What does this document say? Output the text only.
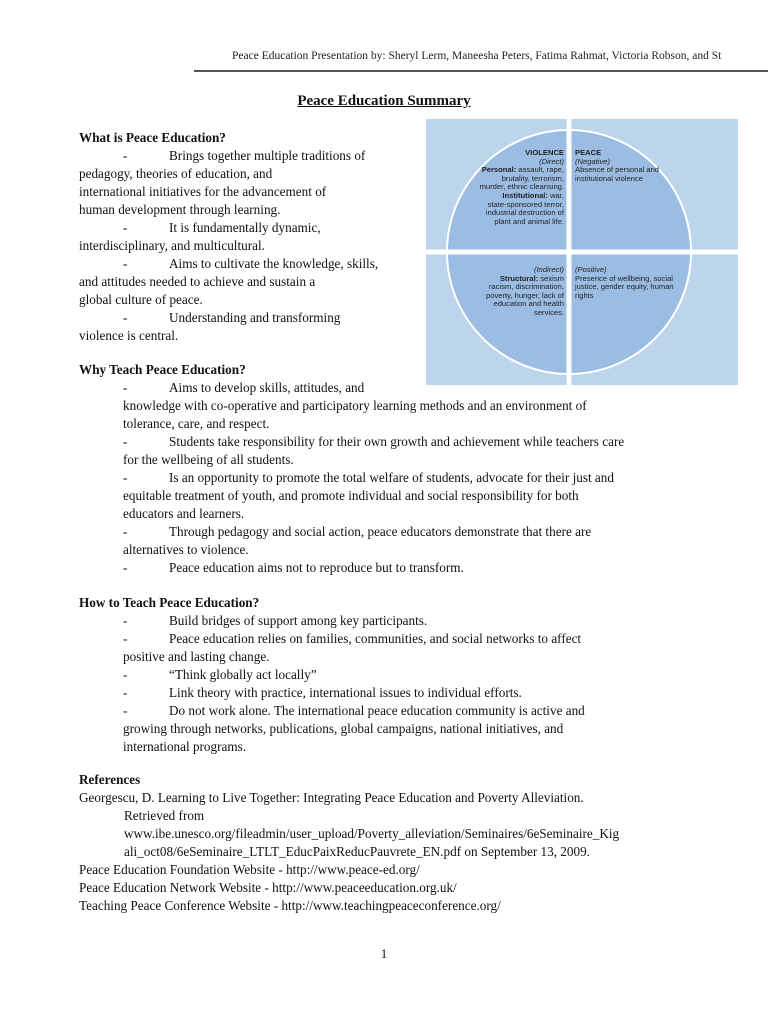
Peace Education Presentation by: Sheryl Lerm, Maneesha Peters, Fatima Rahmat, Victoria Robson, and St
Peace Education Summary

What is Peace Education?

-	Brings together multiple traditions of

pedagogy, theories of education, and

international initiatives for the advancement of

human development through learning.

-	It is fundamentally dynamic,

interdisciplinary, and multicultural.

-	Aims to cultivate the knowledge, skills,

and attitudes needed to achieve and sustain a

global culture of peace.

-	Understanding and transforming

violence is central.

VIOLENCE
(Direct)
Personal: assault, rape,
brutality, terrorism,
murder, ethnic cleansing.
Institutional: war,
state-sponsored terror,
industrial destruction of
plant and animal life.
PEACE
(Negative)
Absence of personal and
institutional violence
(Indirect)
Structural: sexism
racism, discrimination,
poverty, hunger, lack of
education and health
services.
(Positive)
Presence of wellbeing, social
justice, gender equity, human
rights

Why Teach Peace Education?

-	Aims to develop skills, attitudes, and

knowledge with co-operative and participatory learning methods and an environment of

tolerance, care, and respect.

-	Students take responsibility for their own growth and achievement while teachers care

for the wellbeing of all students.

-	Is an opportunity to promote the total welfare of students, advocate for their just and

equitable treatment of youth, and promote individual and social responsibility for both

educators and learners.

-	Through pedagogy and social action, peace educators demonstrate that there are

alternatives to violence.

-	Peace education aims not to reproduce but to transform.

How to Teach Peace Education?

-	Build bridges of support among key participants.
-	Peace education relies on families, communities, and social networks to affect

positive and lasting change.

-	“Think globally act locally”
-	Link theory with practice, international issues to individual efforts.
-	Do not work alone. The international peace education community is active and

growing through networks, publications, global campaigns, national initiatives, and

international programs.

References

Georgescu, D. Learning to Live Together: Integrating Peace Education and Poverty Alleviation.

Retrieved from

www.ibe.unesco.org/fileadmin/user_upload/Poverty_alleviation/Seminaires/6eSeminaire_Kig

ali_oct08/6eSeminaire_LTLT_EducPaixReducPauvrete_EN.pdf on September 13, 2009.

Peace Education Foundation Website - http://www.peace-ed.org/

Peace Education Network Website - http://www.peaceeducation.org.uk/

Teaching Peace Conference Website - http://www.teachingpeaceconference.org/

1
